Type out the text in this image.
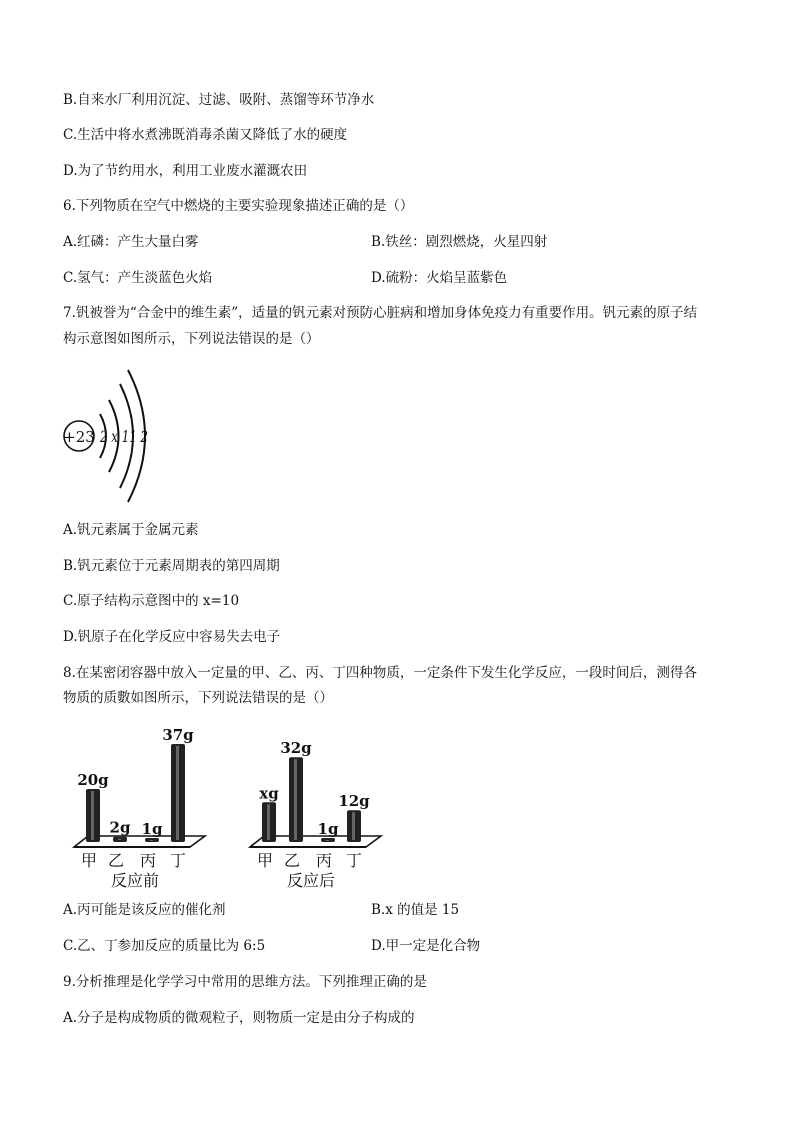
B.自来水厂利用沉淀、过滤、吸附、蒸馏等环节净水
C.生活中将水煮沸既消毒杀菌又降低了水的硬度
D.为了节约用水，利用工业废水灌溉农田
6.下列物质在空气中燃烧的主要实验现象描述正确的是（）
A.红磷：产生大量白雾	B.铁丝：剧烈燃烧，火星四射
C.氢气：产生淡蓝色火焰	D.硫粉：火焰呈蓝紫色
7.钒被誉为“合金中的维生素”，适量的钒元素对预防心脏病和增加身体免疫力有重要作用。钒元素的原子结
构示意图如图所示，下列说法错误的是（）
+23 2 x 11 2
A.钒元素属于金属元素
B.钒元素位于元素周期表的第四周期
C.原子结构示意图中的 x=10
D.钒原子在化学反应中容易失去电子
8.在某密闭容器中放入一定量的甲、乙、丙、丁四种物质，一定条件下发生化学反应，一段时间后，测得各
物质的质數如图所示，下列说法错误的是（）
20g
甲
2g
乙
1g
丙
37g
丁
反应前
xg
甲
32g
乙
1g
丙
12g
丁
反应后
A.丙可能是该反应的催化剂	B.x 的值是 15
C.乙、丁参加反应的质量比为 6:5	D.甲一定是化合物
9.分析推理是化学学习中常用的思维方法。下列推理正确的是
A.分子是构成物质的微观粒子，则物质一定是由分子构成的
